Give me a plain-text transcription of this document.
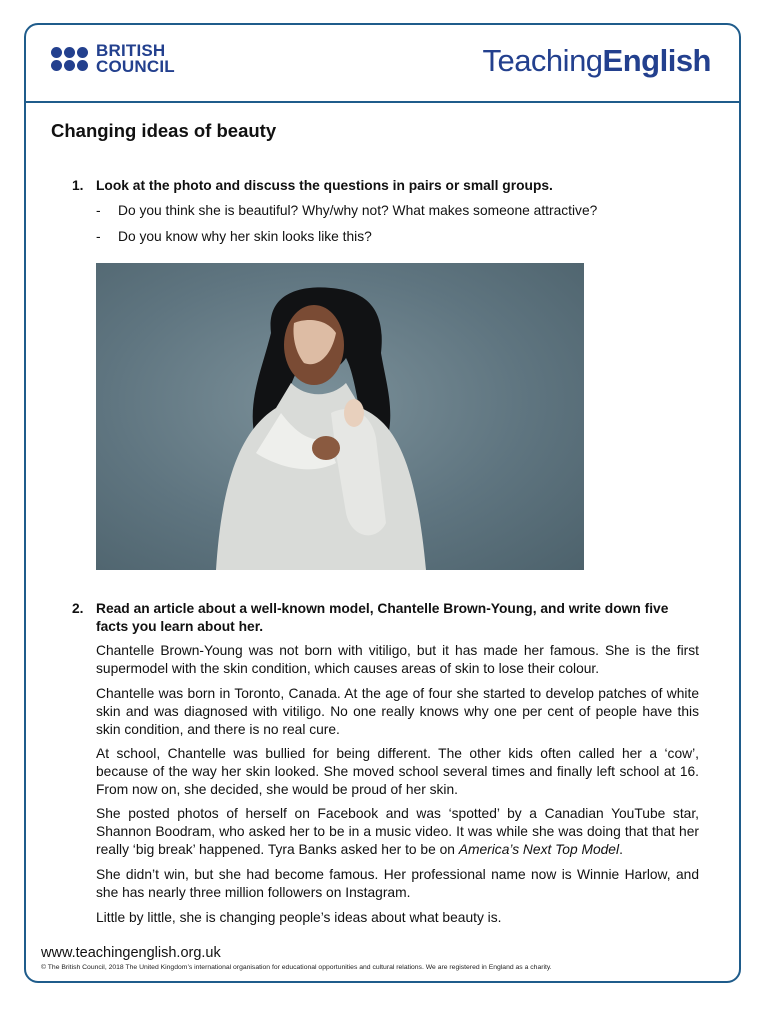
BRITISH
COUNCIL	TeachingEnglish
Changing ideas of beauty
1. Look at the photo and discuss the questions in pairs or small groups.
- Do you think she is beautiful? Why/why not? What makes someone attractive?
- Do you know why her skin looks like this?
2. Read an article about a well-known model, Chantelle Brown-Young, and write down five facts you learn about her.

Chantelle Brown-Young was not born with vitiligo, but it has made her famous. She is the first supermodel with the skin condition, which causes areas of skin to lose their colour.

Chantelle was born in Toronto, Canada. At the age of four she started to develop patches of white skin and was diagnosed with vitiligo. No one really knows why one per cent of people have this skin condition, and there is no real cure.

At school, Chantelle was bullied for being different. The other kids often called her a ‘cow’, because of the way her skin looked. She moved school several times and finally left school at 16. From now on, she decided, she would be proud of her skin.

She posted photos of herself on Facebook and was ‘spotted’ by a Canadian YouTube star, Shannon Boodram, who asked her to be in a music video. It was while she was doing that that her really ‘big break’ happened. Tyra Banks asked her to be on America’s Next Top Model.

She didn’t win, but she had become famous. Her professional name now is Winnie Harlow, and she has nearly three million followers on Instagram.

Little by little, she is changing people’s ideas about what beauty is.

www.teachingenglish.org.uk
© The British Council, 2018 The United Kingdom’s international organisation for educational opportunities and cultural relations. We are registered in England as a charity.
